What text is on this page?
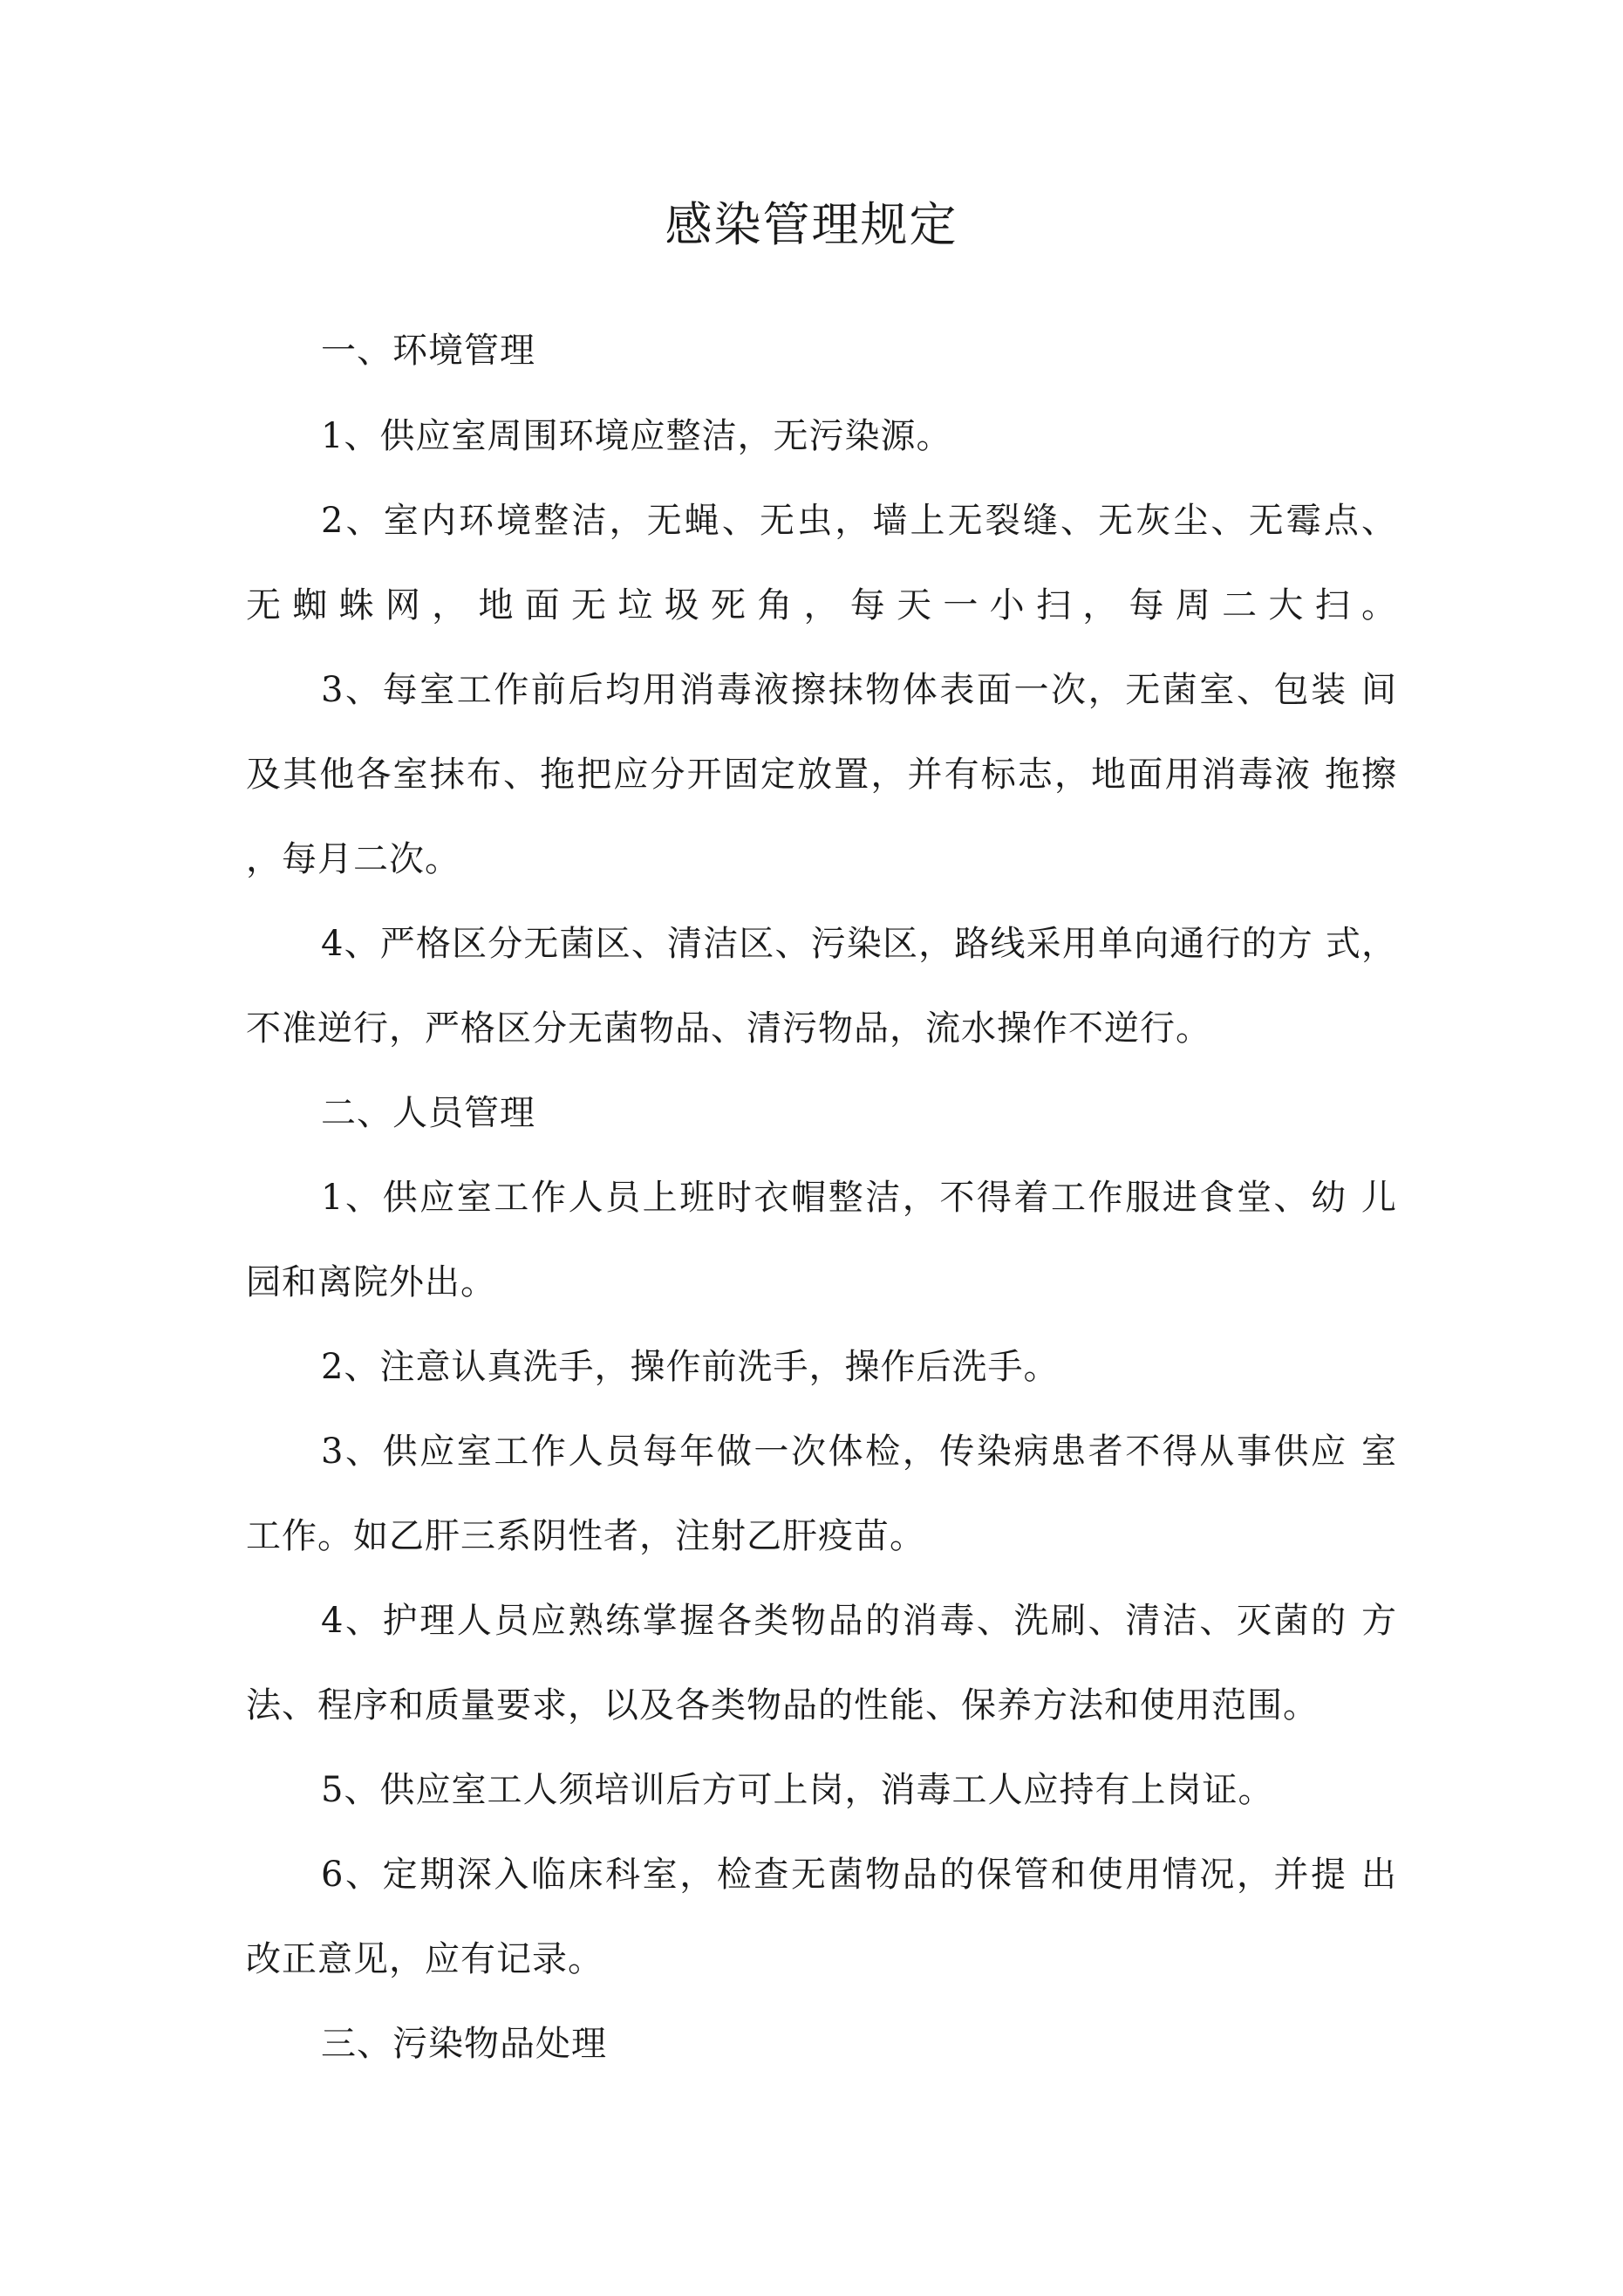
感染管理规定

一、环境管理

1、供应室周围环境应整洁，无污染源。

2、室内环境整洁，无蝇、无虫，墙上无裂缝、无灰尘、无霉点、

无蜘蛛网，地面无垃圾死角，每天一小扫，每周二大扫。

3、每室工作前后均用消毒液擦抹物体表面一次，无菌室、包装 间

及其他各室抹布、拖把应分开固定放置，并有标志，地面用消毒液 拖擦

，每月二次。

4、严格区分无菌区、清洁区、污染区，路线采用单向通行的方 式，

不准逆行，严格区分无菌物品、清污物品，流水操作不逆行。

二、人员管理

1、供应室工作人员上班时衣帽整洁，不得着工作服进食堂、幼 儿

园和离院外出。

2、注意认真洗手，操作前洗手，操作后洗手。

3、供应室工作人员每年做一次体检，传染病患者不得从事供应 室

工作。如乙肝三系阴性者，注射乙肝疫苗。

4、护理人员应熟练掌握各类物品的消毒、洗刷、清洁、灭菌的 方

法、程序和质量要求，以及各类物品的性能、保养方法和使用范围。

5、供应室工人须培训后方可上岗，消毒工人应持有上岗证。

6、定期深入临床科室，检查无菌物品的保管和使用情况，并提 出

改正意见，应有记录。

三、污染物品处理
